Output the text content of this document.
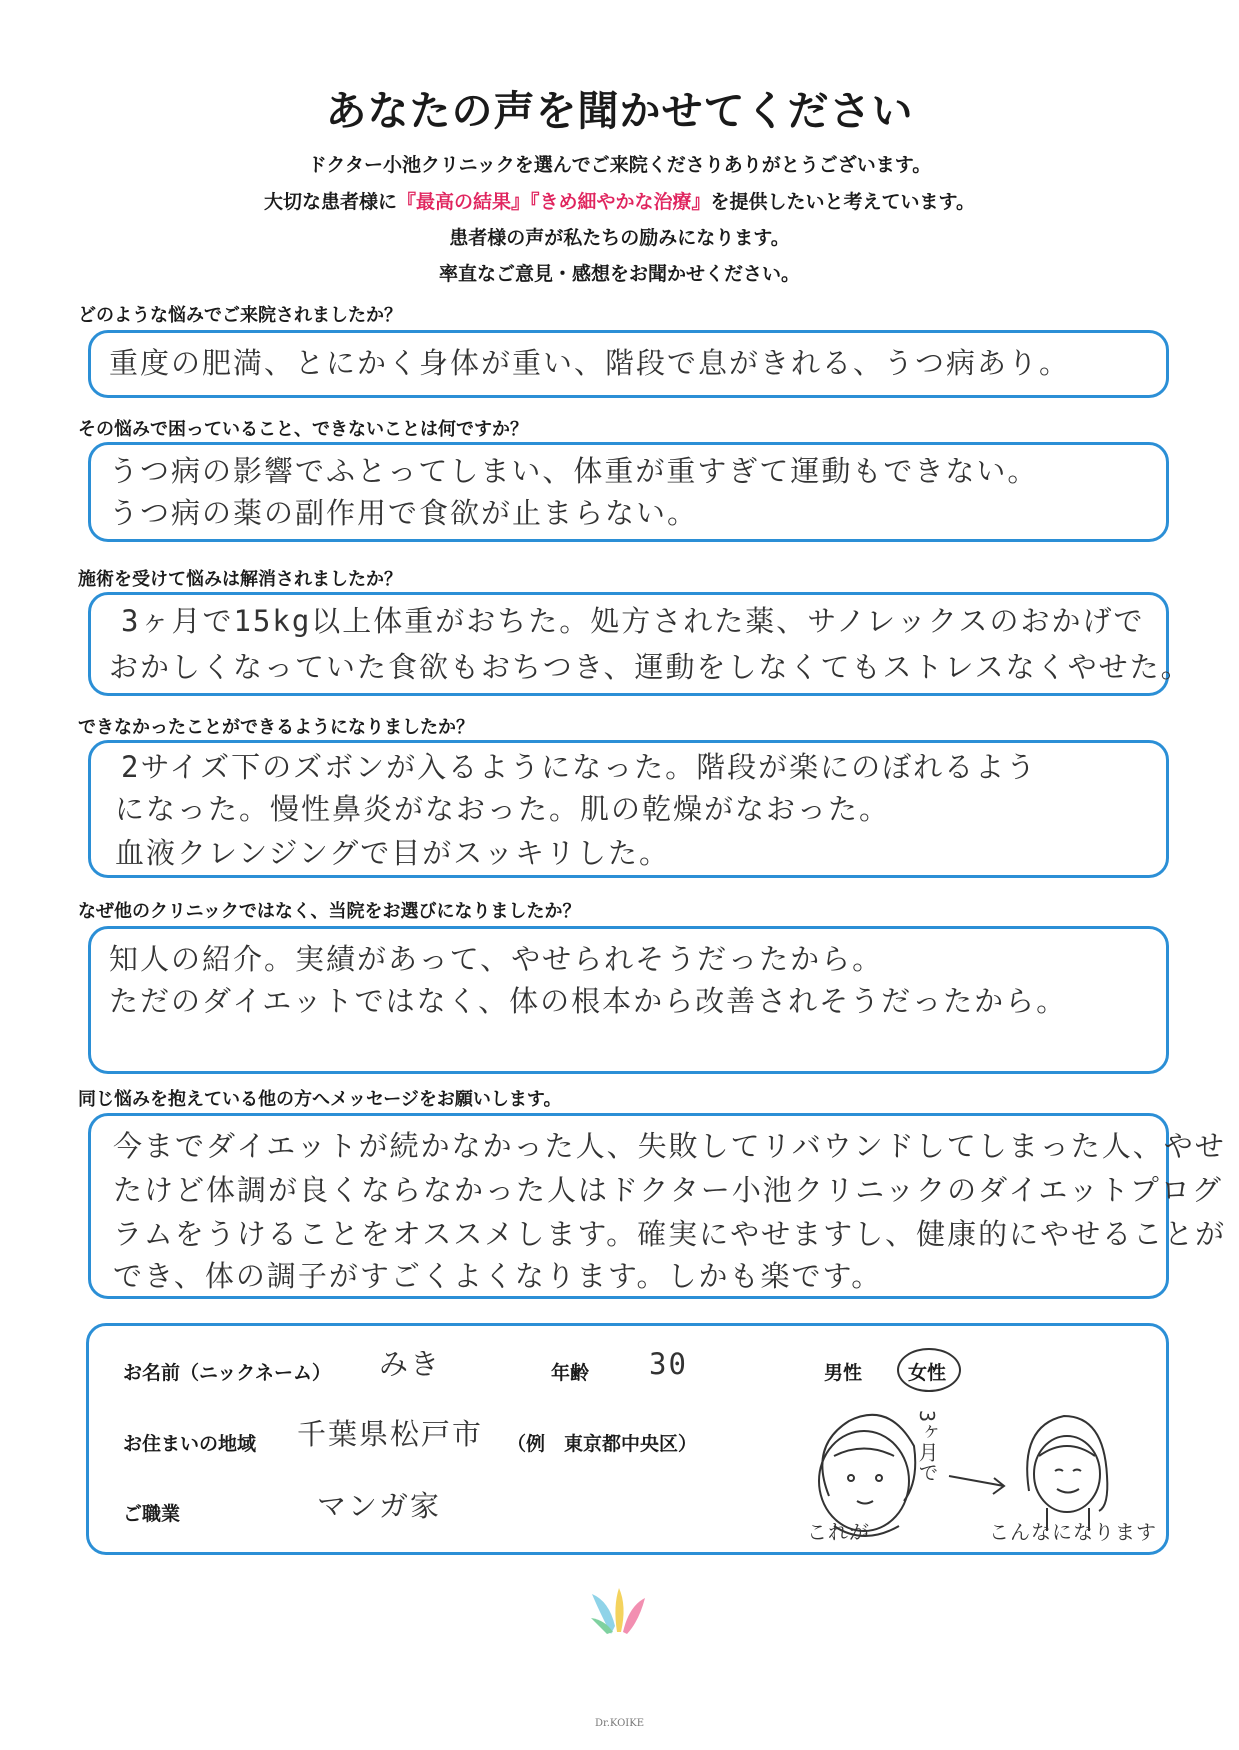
あなたの声を聞かせてください
ドクター小池クリニックを選んでご来院くださりありがとうございます。
大切な患者様に『最高の結果』『きめ細やかな治療』を提供したいと考えています。
患者様の声が私たちの励みになります。
率直なご意見・感想をお聞かせください。
どのような悩みでご来院されましたか？
重度の肥満、とにかく身体が重い、階段で息がきれる、うつ病あり。
その悩みで困っていること、できないことは何ですか？
うつ病の影響でふとってしまい、体重が重すぎて運動もできない。
うつ病の薬の副作用で食欲が止まらない。
施術を受けて悩みは解消されましたか？
3ヶ月で15kg以上体重がおちた。処方された薬、サノレックスのおかげで
おかしくなっていた食欲もおちつき、運動をしなくてもストレスなくやせた。
できなかったことができるようになりましたか？
2サイズ下のズボンが入るようになった。階段が楽にのぼれるよう
になった。慢性鼻炎がなおった。肌の乾燥がなおった。
血液クレンジングで目がスッキリした。
なぜ他のクリニックではなく、当院をお選びになりましたか？
知人の紹介。実績があって、やせられそうだったから。
ただのダイエットではなく、体の根本から改善されそうだったから。
同じ悩みを抱えている他の方へメッセージをお願いします。
今までダイエットが続かなかった人、失敗してリバウンドしてしまった人、やせ
たけど体調が良くならなかった人はドクター小池クリニックのダイエットプログ
ラムをうけることをオススメします。確実にやせますし、健康的にやせることが
でき、体の調子がすごくよくなります。しかも楽です。
お名前（ニックネーム） みき	年齢 30	男性 女性
お住まいの地域 千葉県松戸市 （例　東京都中央区）
ご職業	マンガ家
これが
3ヶ月で
こんなになります
Dr.KOIKE
